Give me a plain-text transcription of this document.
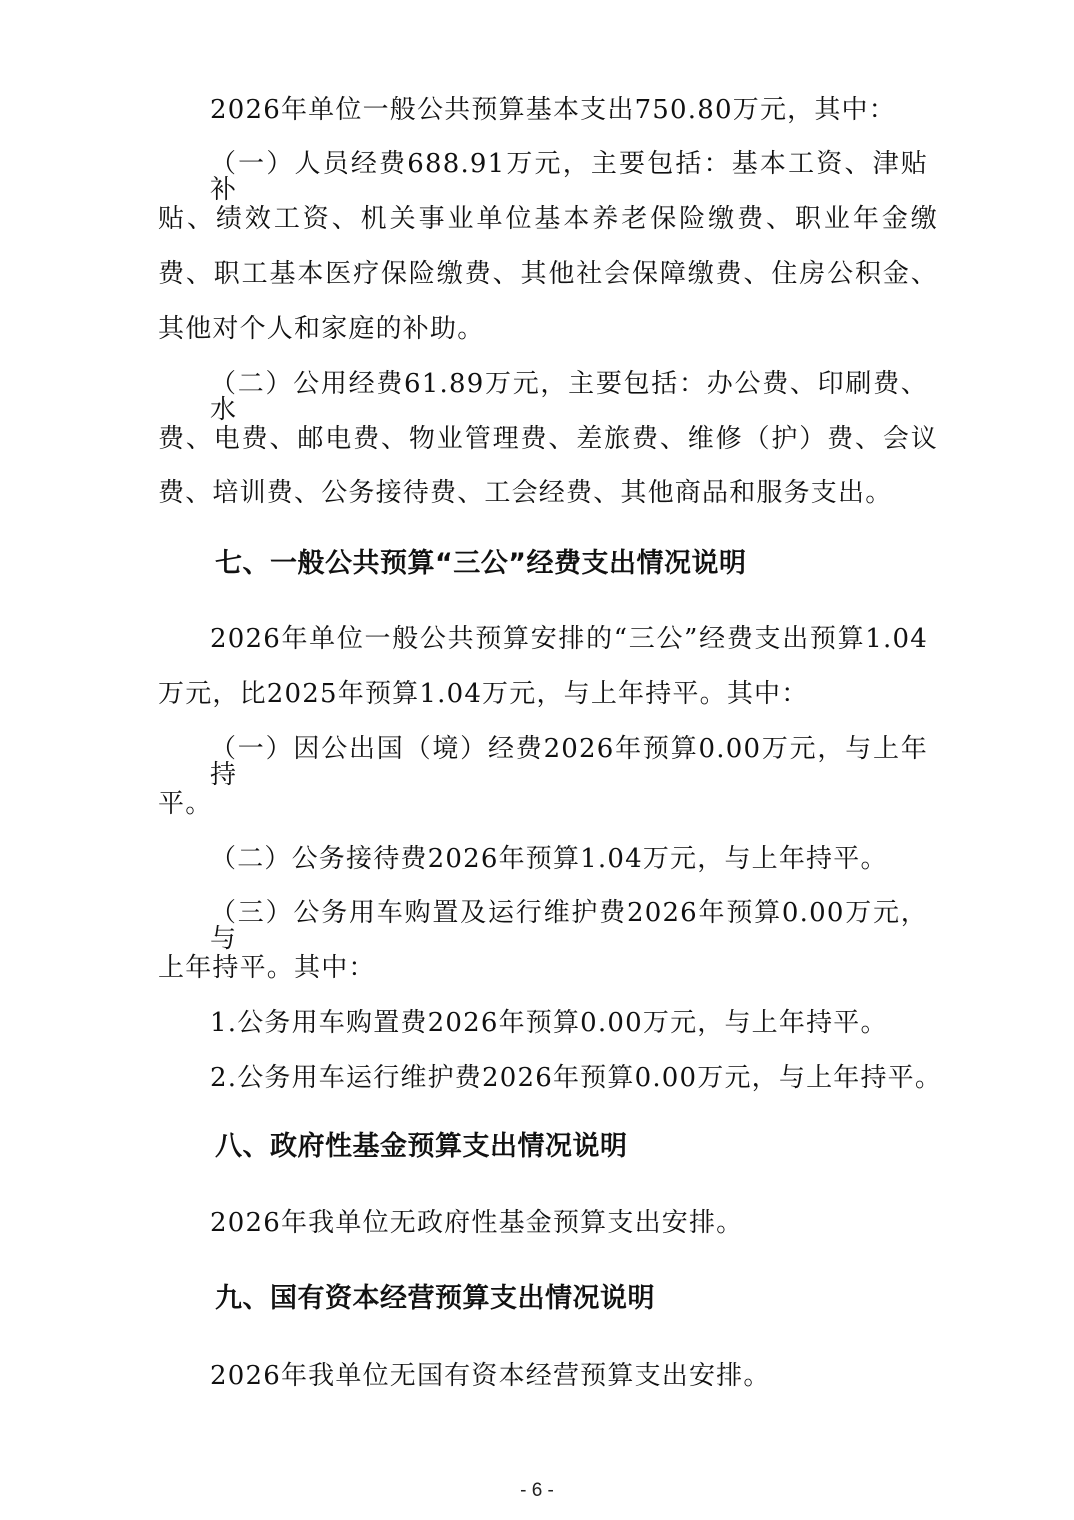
2026年单位一般公共预算基本支出750.80万元，其中：
（一）人员经费688.91万元，主要包括：基本工资、津贴补
贴、绩效工资、机关事业单位基本养老保险缴费、职业年金缴
费、职工基本医疗保险缴费、其他社会保障缴费、住房公积金、
其他对个人和家庭的补助。
（二）公用经费61.89万元，主要包括：办公费、印刷费、水
费、电费、邮电费、物业管理费、差旅费、维修（护）费、会议
费、培训费、公务接待费、工会经费、其他商品和服务支出。
七、一般公共预算“三公”经费支出情况说明
2026年单位一般公共预算安排的“三公”经费支出预算1.04
万元，比2025年预算1.04万元，与上年持平。其中：
（一）因公出国（境）经费2026年预算0.00万元，与上年持
平。
（二）公务接待费2026年预算1.04万元，与上年持平。
（三）公务用车购置及运行维护费2026年预算0.00万元，与
上年持平。其中：
1.公务用车购置费2026年预算0.00万元，与上年持平。
2.公务用车运行维护费2026年预算0.00万元，与上年持平。
八、政府性基金预算支出情况说明
2026年我单位无政府性基金预算支出安排。
九、国有资本经营预算支出情况说明
2026年我单位无国有资本经营预算支出安排。
- 6 -
